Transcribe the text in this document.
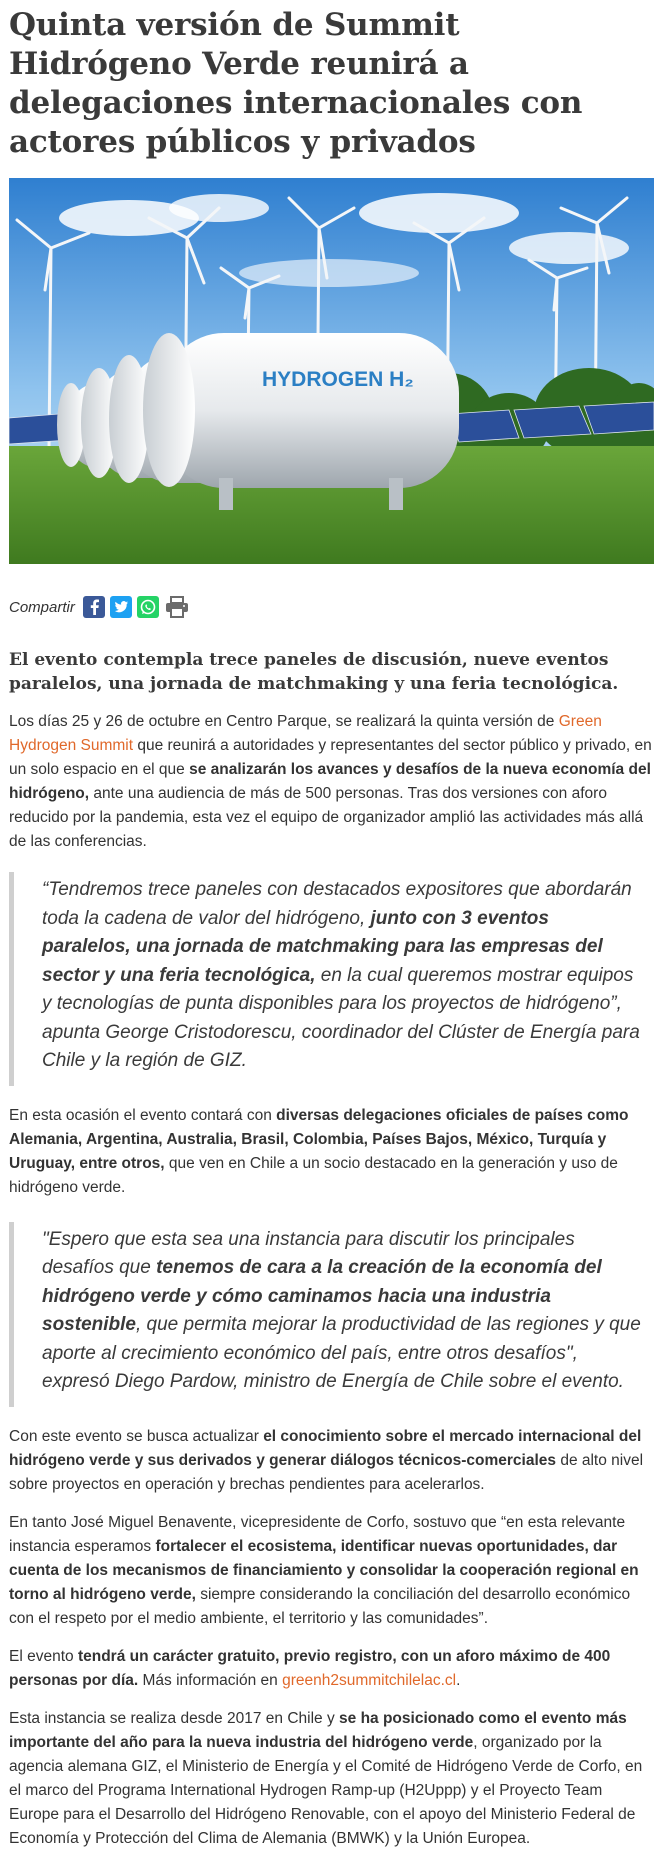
Quinta versión de Summit Hidrógeno Verde reunirá a delegaciones internacionales con actores públicos y privados
HYDROGEN H₂
Compartir
El evento contempla trece paneles de discusión, nueve eventos paralelos, una jornada de matchmaking y una feria tecnológica.

Los días 25 y 26 de octubre en Centro Parque, se realizará la quinta versión de Green Hydrogen Summit que reunirá a autoridades y representantes del sector público y privado, en un solo espacio en el que se analizarán los avances y desafíos de la nueva economía del hidrógeno, ante una audiencia de más de 500 personas. Tras dos versiones con aforo reducido por la pandemia, esta vez el equipo de organizador amplió las actividades más allá de las conferencias.

“Tendremos trece paneles con destacados expositores que abordarán toda la cadena de valor del hidrógeno, junto con 3 eventos paralelos, una jornada de matchmaking para las empresas del sector y una feria tecnológica, en la cual queremos mostrar equipos y tecnologías de punta disponibles para los proyectos de hidrógeno”, apunta George Cristodorescu, coordinador del Clúster de Energía para Chile y la región de GIZ.

En esta ocasión el evento contará con diversas delegaciones oficiales de países como Alemania, Argentina, Australia, Brasil, Colombia, Países Bajos, México, Turquía y Uruguay, entre otros, que ven en Chile a un socio destacado en la generación y uso de hidrógeno verde.

"Espero que esta sea una instancia para discutir los principales desafíos que tenemos de cara a la creación de la economía del hidrógeno verde y cómo caminamos hacia una industria sostenible, que permita mejorar la productividad de las regiones y que aporte al crecimiento económico del país, entre otros desafíos", expresó Diego Pardow, ministro de Energía de Chile sobre el evento.

Con este evento se busca actualizar el conocimiento sobre el mercado internacional del hidrógeno verde y sus derivados y generar diálogos técnicos-comerciales de alto nivel sobre proyectos en operación y brechas pendientes para acelerarlos.

En tanto José Miguel Benavente, vicepresidente de Corfo, sostuvo que “en esta relevante instancia esperamos fortalecer el ecosistema, identificar nuevas oportunidades, dar cuenta de los mecanismos de financiamiento y consolidar la cooperación regional en torno al hidrógeno verde, siempre considerando la conciliación del desarrollo económico con el respeto por el medio ambiente, el territorio y las comunidades”.

El evento tendrá un carácter gratuito, previo registro, con un aforo máximo de 400 personas por día. Más información en greenh2summitchilelac.cl.

Esta instancia se realiza desde 2017 en Chile y se ha posicionado como el evento más importante del año para la nueva industria del hidrógeno verde, organizado por la agencia alemana GIZ, el Ministerio de Energía y el Comité de Hidrógeno Verde de Corfo, en el marco del Programa International Hydrogen Ramp-up (H2Uppp) y el Proyecto Team Europe para el Desarrollo del Hidrógeno Renovable, con el apoyo del Ministerio Federal de Economía y Protección del Clima de Alemania (BMWK) y la Unión Europea.
